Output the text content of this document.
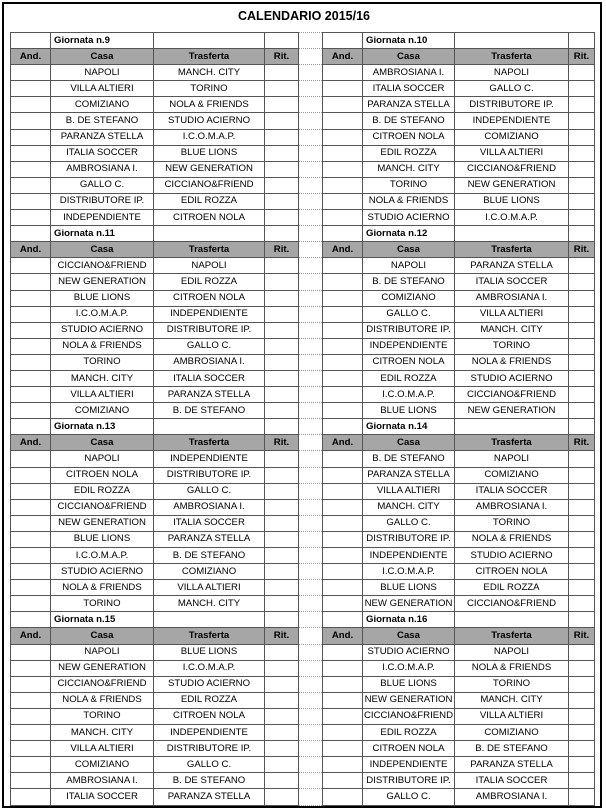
CALENDARIO 2015/16
	Giornata n.9					Giornata n.10		
And.	Casa	Trasferta	Rit.		And.	Casa	Trasferta	Rit.
	NAPOLI	MANCH. CITY				AMBROSIANA I.	NAPOLI	
	VILLA ALTIERI	TORINO				ITALIA SOCCER	GALLO C.	
	COMIZIANO	NOLA & FRIENDS				PARANZA STELLA	DISTRIBUTORE IP.	
	B. DE STEFANO	STUDIO ACIERNO				B. DE STEFANO	INDEPENDIENTE	
	PARANZA STELLA	I.C.O.M.A.P.				CITROEN NOLA	COMIZIANO	
	ITALIA SOCCER	BLUE LIONS				EDIL ROZZA	VILLA ALTIERI	
	AMBROSIANA I.	NEW GENERATION				MANCH. CITY	CICCIANO&FRIEND	
	GALLO C.	CICCIANO&FRIEND				TORINO	NEW GENERATION	
	DISTRIBUTORE IP.	EDIL ROZZA				NOLA & FRIENDS	BLUE LIONS	
	INDEPENDIENTE	CITROEN NOLA				STUDIO ACIERNO	I.C.O.M.A.P.	
	Giornata n.11					Giornata n.12		
And.	Casa	Trasferta	Rit.		And.	Casa	Trasferta	Rit.
	CICCIANO&FRIEND	NAPOLI				NAPOLI	PARANZA STELLA	
	NEW GENERATION	EDIL ROZZA				B. DE STEFANO	ITALIA SOCCER	
	BLUE LIONS	CITROEN NOLA				COMIZIANO	AMBROSIANA I.	
	I.C.O.M.A.P.	INDEPENDIENTE				GALLO C.	VILLA ALTIERI	
	STUDIO ACIERNO	DISTRIBUTORE IP.				DISTRIBUTORE IP.	MANCH. CITY	
	NOLA & FRIENDS	GALLO C.				INDEPENDIENTE	TORINO	
	TORINO	AMBROSIANA I.				CITROEN NOLA	NOLA & FRIENDS	
	MANCH. CITY	ITALIA SOCCER				EDIL ROZZA	STUDIO ACIERNO	
	VILLA ALTIERI	PARANZA STELLA				I.C.O.M.A.P.	CICCIANO&FRIEND	
	COMIZIANO	B. DE STEFANO				BLUE LIONS	NEW GENERATION	
	Giornata n.13					Giornata n.14		
And.	Casa	Trasferta	Rit.		And.	Casa	Trasferta	Rit.
	NAPOLI	INDEPENDIENTE				B. DE STEFANO	NAPOLI	
	CITROEN NOLA	DISTRIBUTORE IP.				PARANZA STELLA	COMIZIANO	
	EDIL ROZZA	GALLO C.				VILLA ALTIERI	ITALIA SOCCER	
	CICCIANO&FRIEND	AMBROSIANA I.				MANCH. CITY	AMBROSIANA I.	
	NEW GENERATION	ITALIA SOCCER				GALLO C.	TORINO	
	BLUE LIONS	PARANZA STELLA				DISTRIBUTORE IP.	NOLA & FRIENDS	
	I.C.O.M.A.P.	B. DE STEFANO				INDEPENDIENTE	STUDIO ACIERNO	
	STUDIO ACIERNO	COMIZIANO				I.C.O.M.A.P.	CITROEN NOLA	
	NOLA & FRIENDS	VILLA ALTIERI				BLUE LIONS	EDIL ROZZA	
	TORINO	MANCH. CITY				NEW GENERATION	CICCIANO&FRIEND	
	Giornata n.15					Giornata n.16		
And.	Casa	Trasferta	Rit.		And.	Casa	Trasferta	Rit.
	NAPOLI	BLUE LIONS				STUDIO ACIERNO	NAPOLI	
	NEW GENERATION	I.C.O.M.A.P.				I.C.O.M.A.P.	NOLA & FRIENDS	
	CICCIANO&FRIEND	STUDIO ACIERNO				BLUE LIONS	TORINO	
	NOLA & FRIENDS	EDIL ROZZA				NEW GENERATION	MANCH. CITY	
	TORINO	CITROEN NOLA				CICCIANO&FRIEND	VILLA ALTIERI	
	MANCH. CITY	INDEPENDIENTE				EDIL ROZZA	COMIZIANO	
	VILLA ALTIERI	DISTRIBUTORE IP.				CITROEN NOLA	B. DE STEFANO	
	COMIZIANO	GALLO C.				INDEPENDIENTE	PARANZA STELLA	
	AMBROSIANA I.	B. DE STEFANO				DISTRIBUTORE IP.	ITALIA SOCCER	
	ITALIA SOCCER	PARANZA STELLA				GALLO C.	AMBROSIANA I.	
